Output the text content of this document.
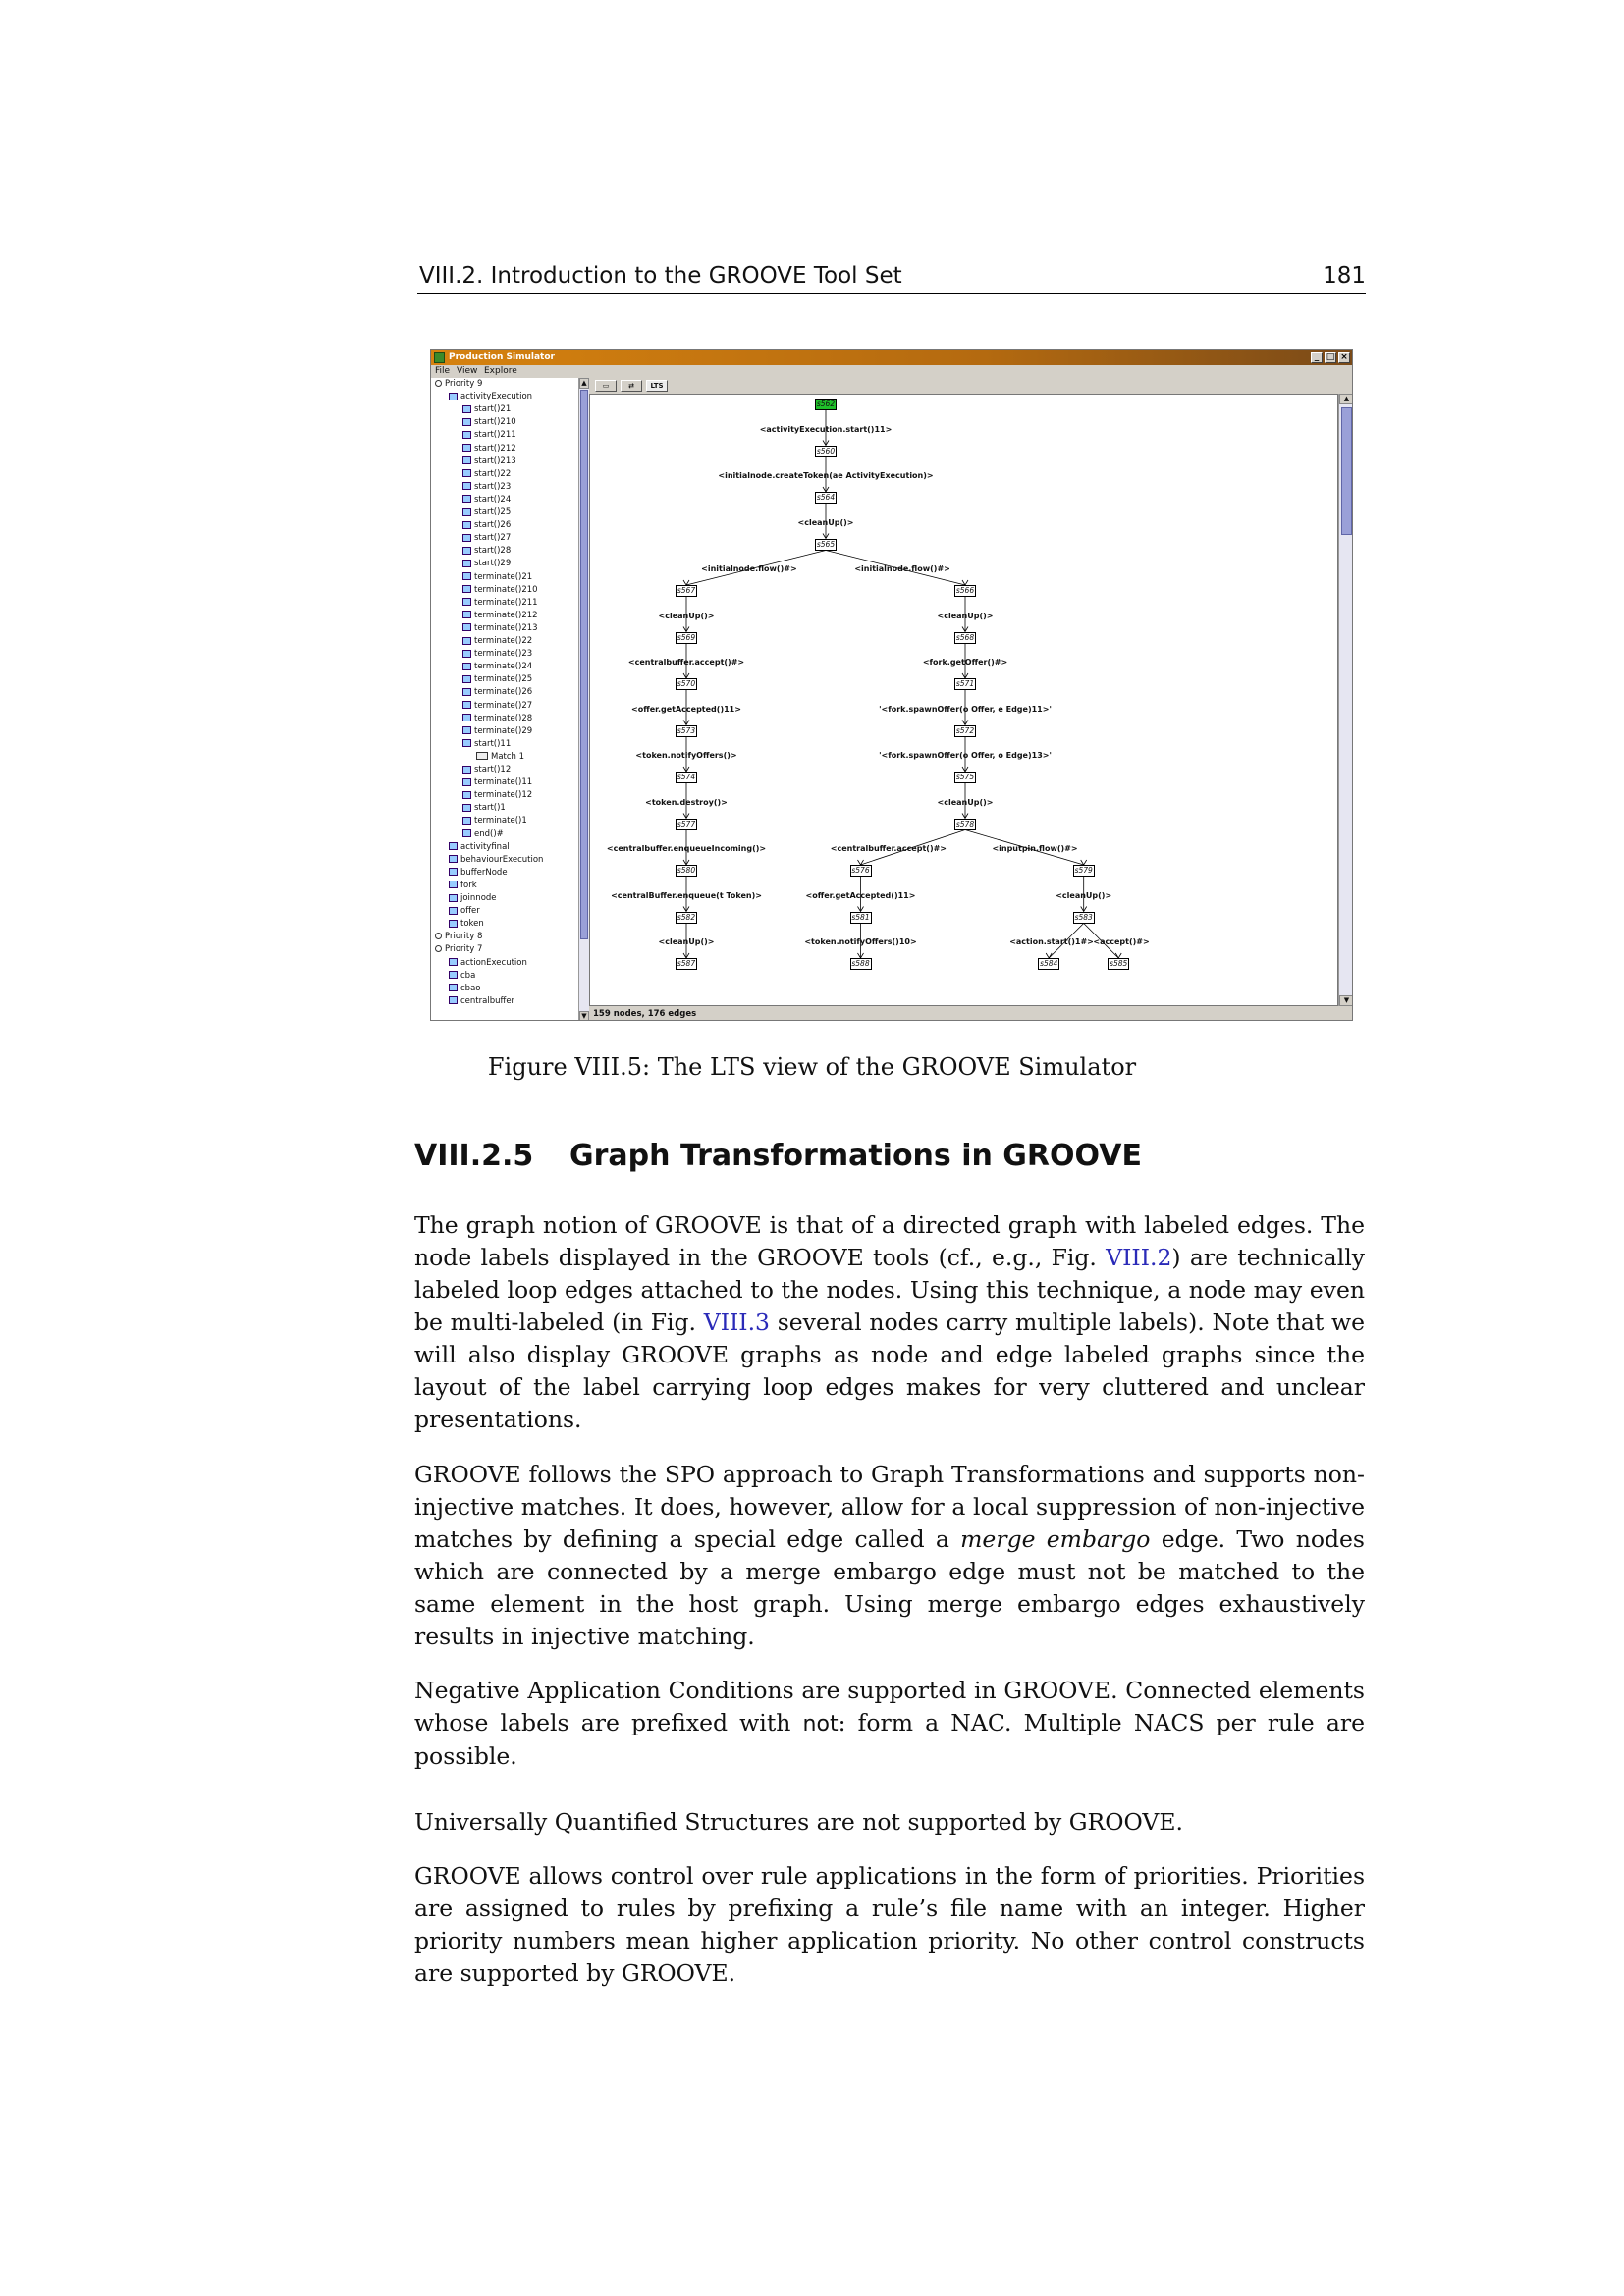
VIII.2. Introduction to the GROOVE Tool Set	181
Production Simulator	_ □ ×
File View Explore
Priority 9
activityExecution
start()21
start()210
start()211
start()212
start()213
start()22
start()23
start()24
start()25
start()26
start()27
start()28
start()29
terminate()21
terminate()210
terminate()211
terminate()212
terminate()213
terminate()22
terminate()23
terminate()24
terminate()25
terminate()26
terminate()27
terminate()28
terminate()29
start()11
Match 1
start()12
terminate()11
terminate()12
start()1
terminate()1
end()#
activityfinal
behaviourExecution
bufferNode
fork
joinnode
offer
token
Priority 8
Priority 7
actionExecution
cba
cbao
centralbuffer
▲
▼
▭	⇄	LTS
s562
s560
s564
s565
s567
s569
s570
s573
s574
s577
s580
s582
s587
s566
s568
s571
s572
s575
s578
s576
s581
s588
s579
s583
s584	s585
<activityExecution.start()11>
<initialnode.createToken(ae ActivityExecution)>
<cleanUp()>
<initialnode.flow()#>	<initialnode.flow()#>
<cleanUp()>	<cleanUp()>
<centralbuffer.accept()#>	<fork.getOffer()#>
<offer.getAccepted()11>	'<fork.spawnOffer(o Offer, e Edge)11>'
<token.notifyOffers()>	'<fork.spawnOffer(o Offer, o Edge)13>'
<token.destroy()>	<cleanUp()>
<centralbuffer.enqueueIncoming()>	<centralbuffer.accept()#>	<inputpin.flow()#>
<centralBuffer.enqueue(t Token)>	<offer.getAccepted()11>	<cleanUp()>
<cleanUp()>	<token.notifyOffers()10>	<action.start()1#> <accept()#>
▲
▼
159 nodes, 176 edges
Figure VIII.5: The LTS view of the GROOVE Simulator
VIII.2.5 Graph Transformations in GROOVE

The graph notion of GROOVE is that of a directed graph with labeled edges. The node labels displayed in the GROOVE tools (cf., e.g., Fig. VIII.2) are technically labeled loop edges attached to the nodes. Using this technique, a node may even be multi-labeled (in Fig. VIII.3 several nodes carry multiple labels). Note that we will also display GROOVE graphs as node and edge labeled graphs since the layout of the label carrying loop edges makes for very cluttered and unclear presentations.

GROOVE follows the SPO approach to Graph Transformations and supports non-injective matches. It does, however, allow for a local suppression of non-injective matches by defining a special edge called a merge embargo edge. Two nodes which are connected by a merge embargo edge must not be matched to the same element in the host graph. Using merge embargo edges exhaustively results in injective matching.

Negative Application Conditions are supported in GROOVE. Connected elements whose labels are prefixed with not: form a NAC. Multiple NACS per rule are possible.

Universally Quantified Structures are not supported by GROOVE.

GROOVE allows control over rule applications in the form of priorities. Priorities are assigned to rules by prefixing a rule’s file name with an integer. Higher priority numbers mean higher application priority. No other control constructs are supported by GROOVE.
